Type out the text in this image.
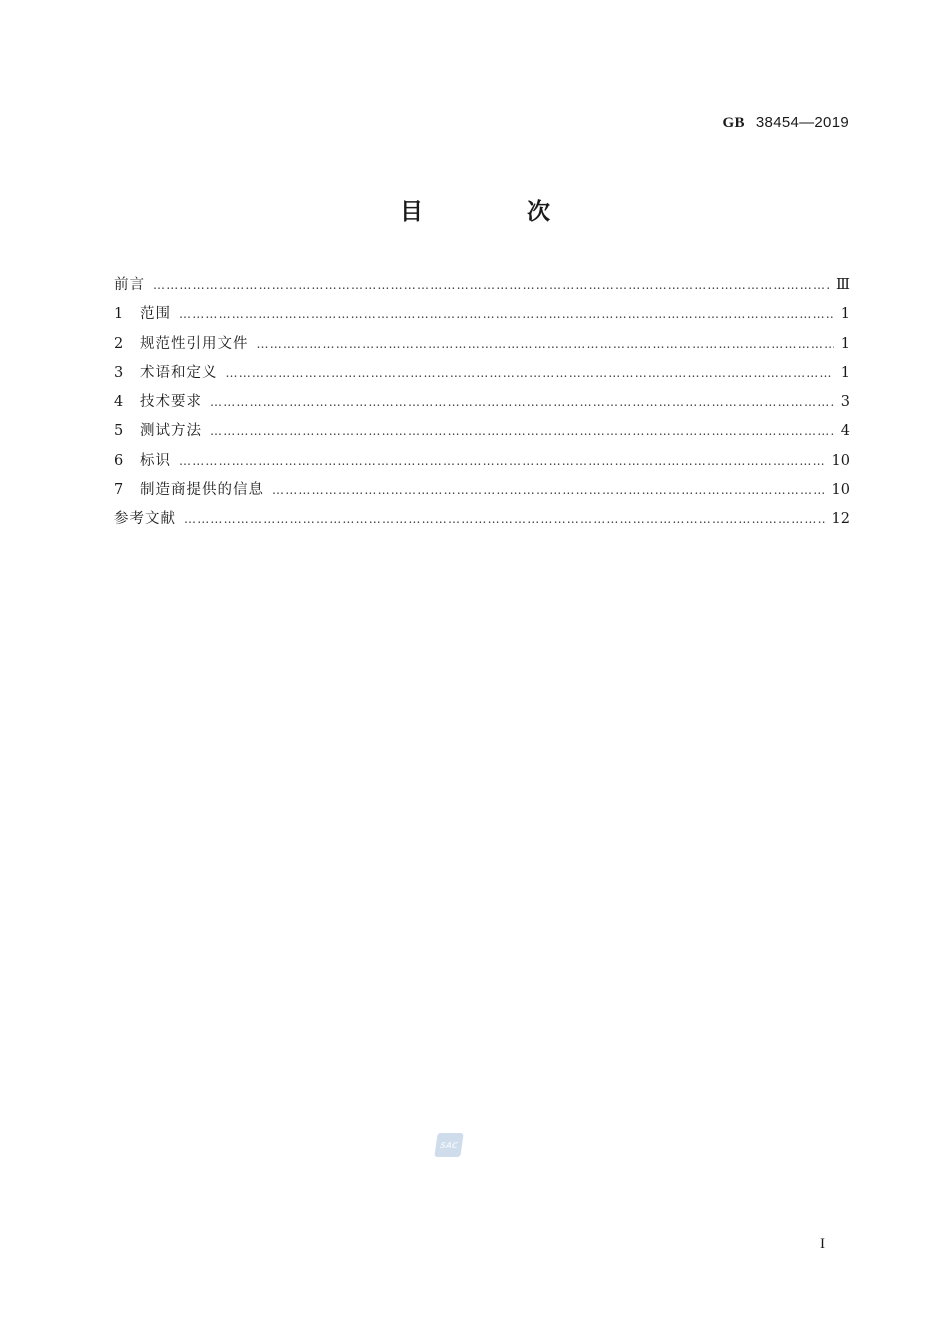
GB 38454—2019
目 次
前言 ………………………………………………………………………………………………………………………………………………………………………………………………………………………………………………	Ⅲ
1	范围 ………………………………………………………………………………………………………………………………………………………………………………………………………………………………………………	1
2	规范性引用文件 ………………………………………………………………………………………………………………………………………………………………………………………………………………………………………………	1
3	术语和定义 ………………………………………………………………………………………………………………………………………………………………………………………………………………………………………………	1
4	技术要求 ………………………………………………………………………………………………………………………………………………………………………………………………………………………………………………	3
5	测试方法 ………………………………………………………………………………………………………………………………………………………………………………………………………………………………………………	4
6	标识 ………………………………………………………………………………………………………………………………………………………………………………………………………………………………………………	10
7	制造商提供的信息 ………………………………………………………………………………………………………………………………………………………………………………………………………………………………………………	10
参考文献 ………………………………………………………………………………………………………………………………………………………………………………………………………………………………………………	12
SAC
I
